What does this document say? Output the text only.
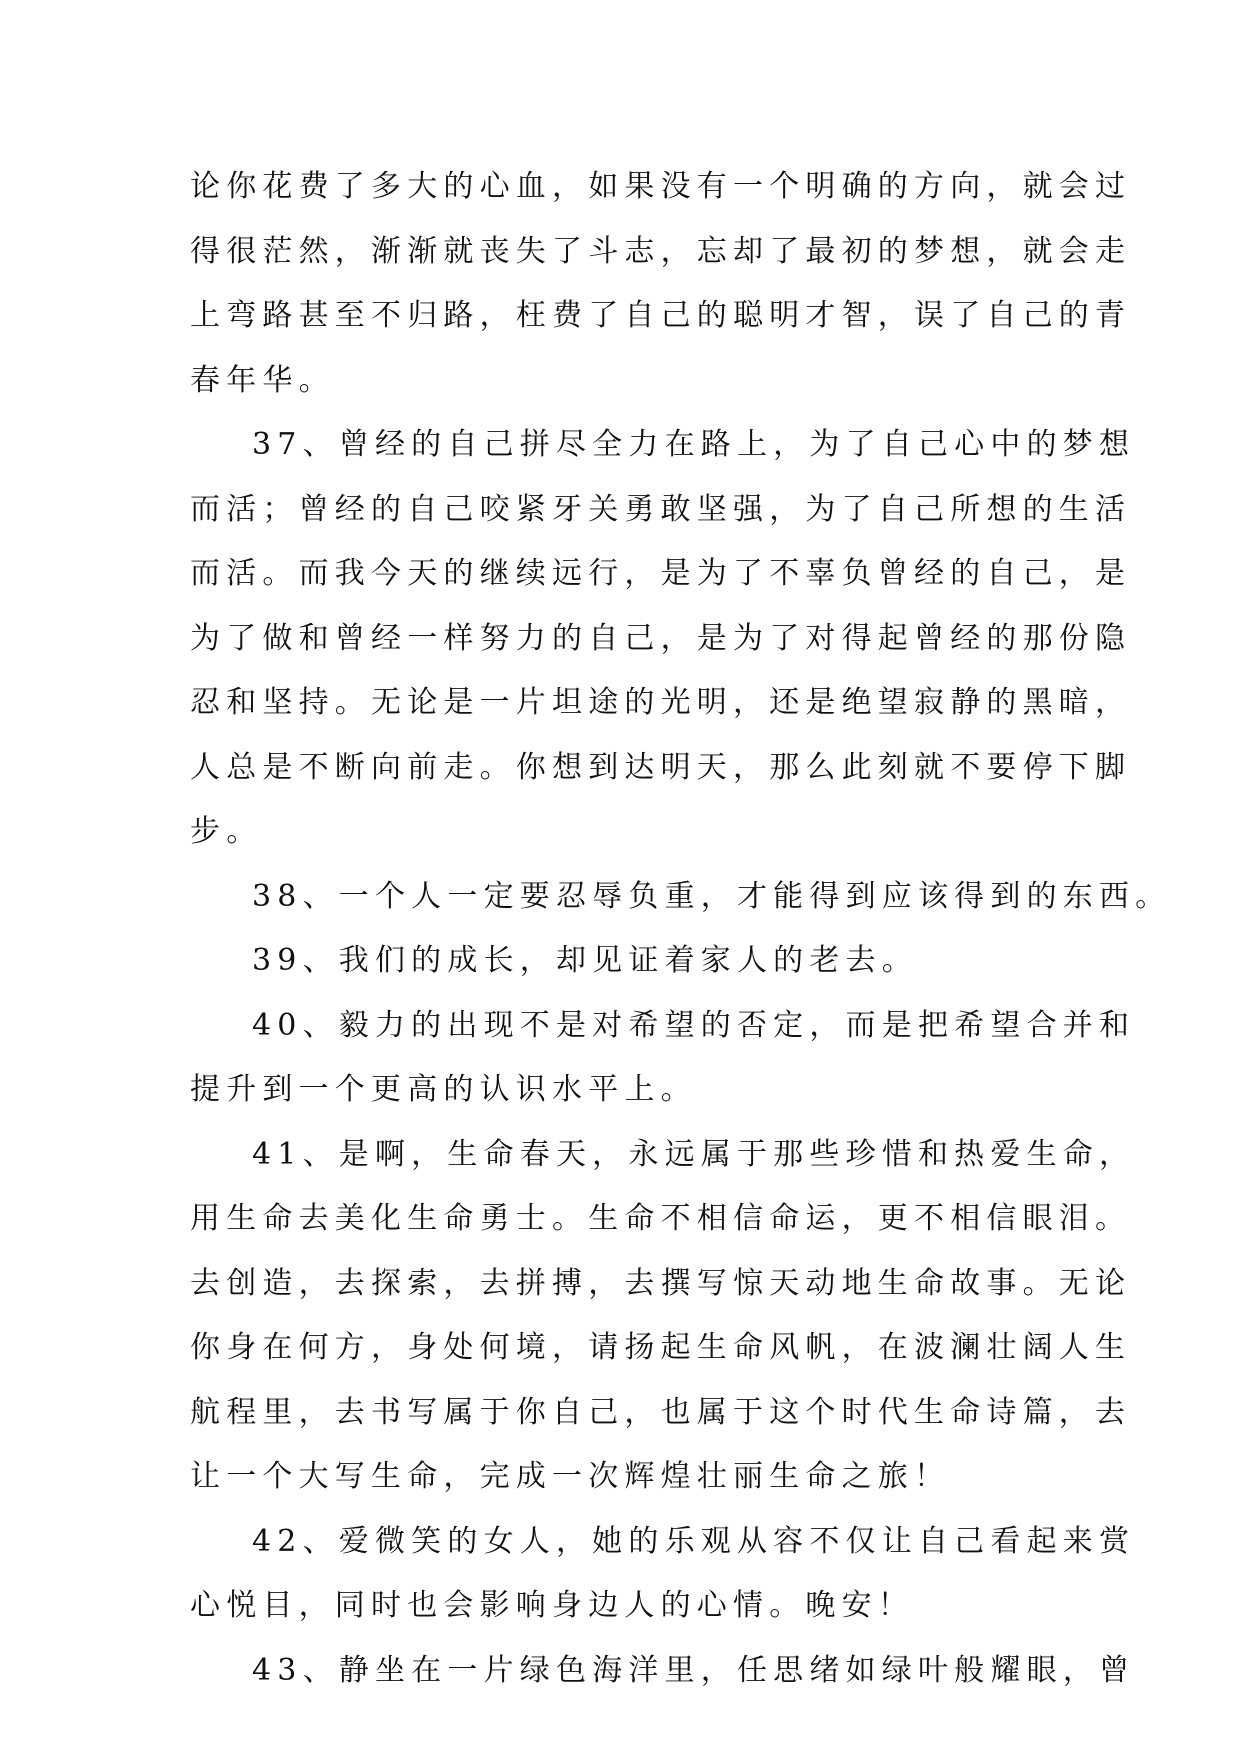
论你花费了多大的心血，如果没有一个明确的方向，就会过
得很茫然，渐渐就丧失了斗志，忘却了最初的梦想，就会走
上弯路甚至不归路，枉费了自己的聪明才智，误了自己的青
春年华。
37、曾经的自己拼尽全力在路上，为了自己心中的梦想
而活；曾经的自己咬紧牙关勇敢坚强，为了自己所想的生活
而活。而我今天的继续远行，是为了不辜负曾经的自己，是
为了做和曾经一样努力的自己，是为了对得起曾经的那份隐
忍和坚持。无论是一片坦途的光明，还是绝望寂静的黑暗，
人总是不断向前走。你想到达明天，那么此刻就不要停下脚
步。
38、一个人一定要忍辱负重，才能得到应该得到的东西。
39、我们的成长，却见证着家人的老去。
40、毅力的出现不是对希望的否定，而是把希望合并和
提升到一个更高的认识水平上。
41、是啊，生命春天，永远属于那些珍惜和热爱生命，
用生命去美化生命勇士。生命不相信命运，更不相信眼泪。
去创造，去探索，去拼搏，去撰写惊天动地生命故事。无论
你身在何方，身处何境，请扬起生命风帆，在波澜壮阔人生
航程里，去书写属于你自己，也属于这个时代生命诗篇，去
让一个大写生命，完成一次辉煌壮丽生命之旅！
42、爱微笑的女人，她的乐观从容不仅让自己看起来赏
心悦目，同时也会影响身边人的心情。晚安！
43、静坐在一片绿色海洋里，任思绪如绿叶般耀眼，曾
